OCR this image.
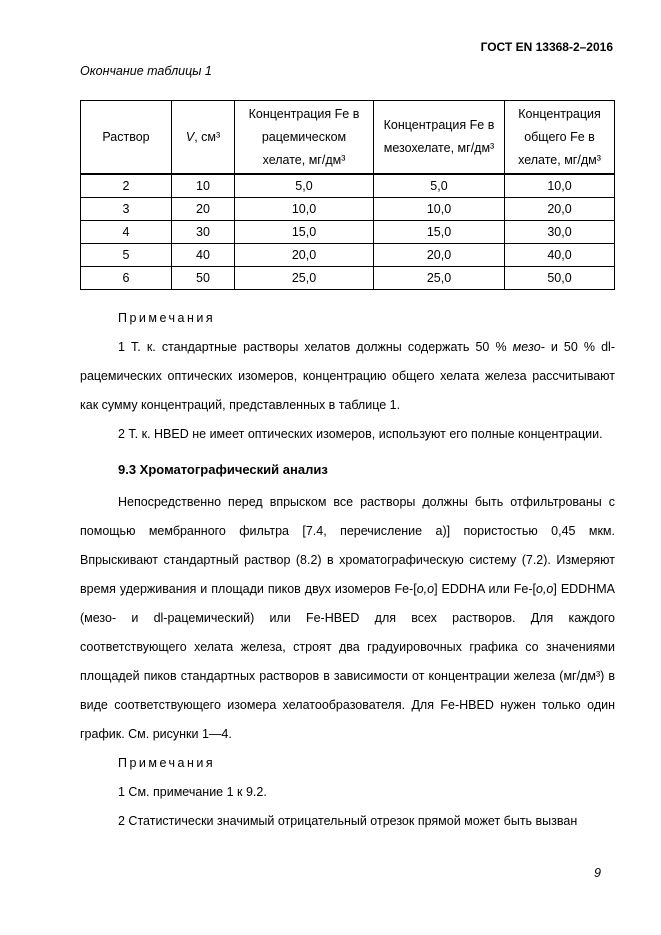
ГОСТ EN 13368-2–2016
Окончание таблицы 1
Раствор	V, см³	Концентрация Fe в рацемическом хелате, мг/дм³	Концентрация Fe в мезохелате, мг/дм³	Концентрация общего Fe в хелате, мг/дм³
2	10	5,0	5,0	10,0
3	20	10,0	10,0	20,0
4	30	15,0	15,0	30,0
5	40	20,0	20,0	40,0
6	50	25,0	25,0	50,0

Примечания

1 Т. к. стандартные растворы хелатов должны содержать 50 % мезо- и 50 % dl-рацемических оптических изомеров, концентрацию общего хелата железа рассчитывают как сумму концентраций, представленных в таблице 1.

2 Т. к. HBED не имеет оптических изомеров, используют его полные концентрации.

9.3 Хроматографический анализ

Непосредственно перед впрыском все растворы должны быть отфильтрованы с помощью мембранного фильтра [7.4, перечисление а)] пористостью 0,45 мкм. Впрыскивают стандартный раствор (8.2) в хроматографическую систему (7.2). Измеряют время удерживания и площади пиков двух изомеров Fe-[o,o] EDDHA или Fe-[o,o] EDDHMA (мезо- и dl-рацемический) или Fe-HBED для всех растворов. Для каждого соответствующего хелата железа, строят два градуировочных графика со значениями площадей пиков стандартных растворов в зависимости от концентрации железа (мг/дм³) в виде соответствующего изомера хелатообразователя. Для Fe-HBED нужен только один график. См. рисунки 1—4.

Примечания

1 См. примечание 1 к 9.2.

2 Статистически значимый отрицательный отрезок прямой может быть вызван

9
